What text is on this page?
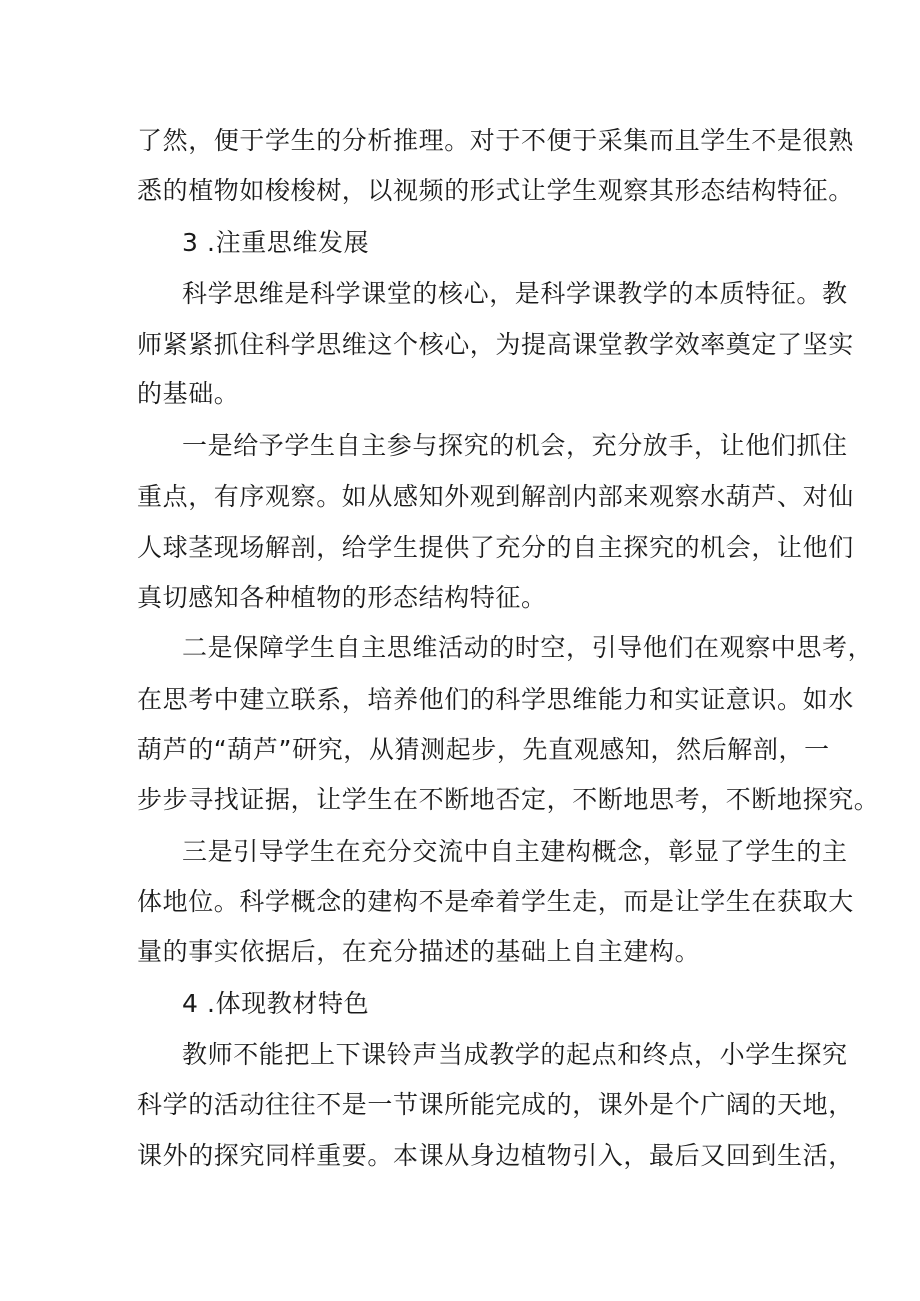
了然，便于学生的分析推理。对于不便于采集而且学生不是很熟
悉的植物如梭梭树，以视频的形式让学生观察其形态结构特征。
3 .注重思维发展
科学思维是科学课堂的核心，是科学课教学的本质特征。教
师紧紧抓住科学思维这个核心，为提高课堂教学效率奠定了坚实
的基础。
一是给予学生自主参与探究的机会，充分放手，让他们抓住
重点，有序观察。如从感知外观到解剖内部来观察水葫芦、对仙
人球茎现场解剖，给学生提供了充分的自主探究的机会，让他们
真切感知各种植物的形态结构特征。
二是保障学生自主思维活动的时空，引导他们在观察中思考，
在思考中建立联系，培养他们的科学思维能力和实证意识。如水
葫芦的“葫芦”研究，从猜测起步，先直观感知，然后解剖，一
步步寻找证据，让学生在不断地否定，不断地思考，不断地探究。
三是引导学生在充分交流中自主建构概念，彰显了学生的主
体地位。科学概念的建构不是牵着学生走，而是让学生在获取大
量的事实依据后，在充分描述的基础上自主建构。
4 .体现教材特色
教师不能把上下课铃声当成教学的起点和终点，小学生探究
科学的活动往往不是一节课所能完成的，课外是个广阔的天地，
课外的探究同样重要。本课从身边植物引入，最后又回到生活，
